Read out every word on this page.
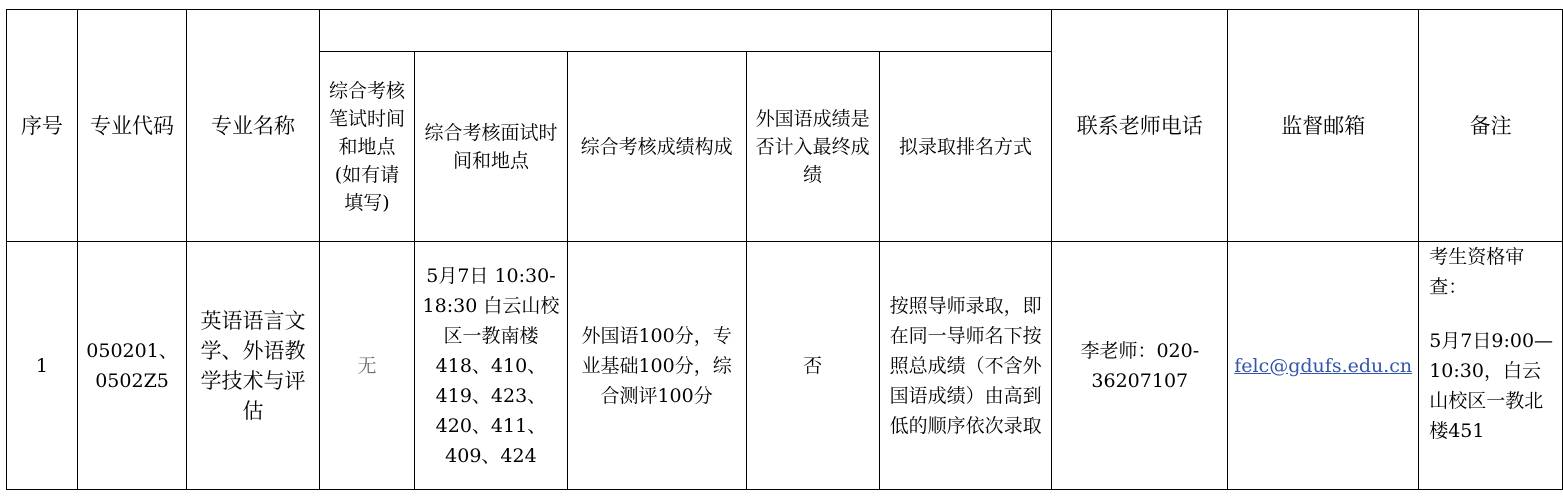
序号	专业代码	专业名称						联系老师电话	监督邮箱	备注
			综合考核笔试时间和地点(如有请填写)	综合考核面试时间和地点	综合考核成绩构成	外国语成绩是否计入最终成绩	拟录取排名方式			
1	050201、0502Z5	英语语言文学、外语教学技术与评估	无	5月7日 10:30-18:30 白云山校区一教南楼418、410、419、423、420、411、409、424	外国语100分，专业基础100分，综合测评100分	否	按照导师录取，即在同一导师名下按照总成绩（不含外国语成绩）由高到低的顺序依次录取	李老师：020-36207107	felc@gdufs.edu.cn	考生资格审查：
5月7日9:00—10:30，白云山校区一教北楼451
